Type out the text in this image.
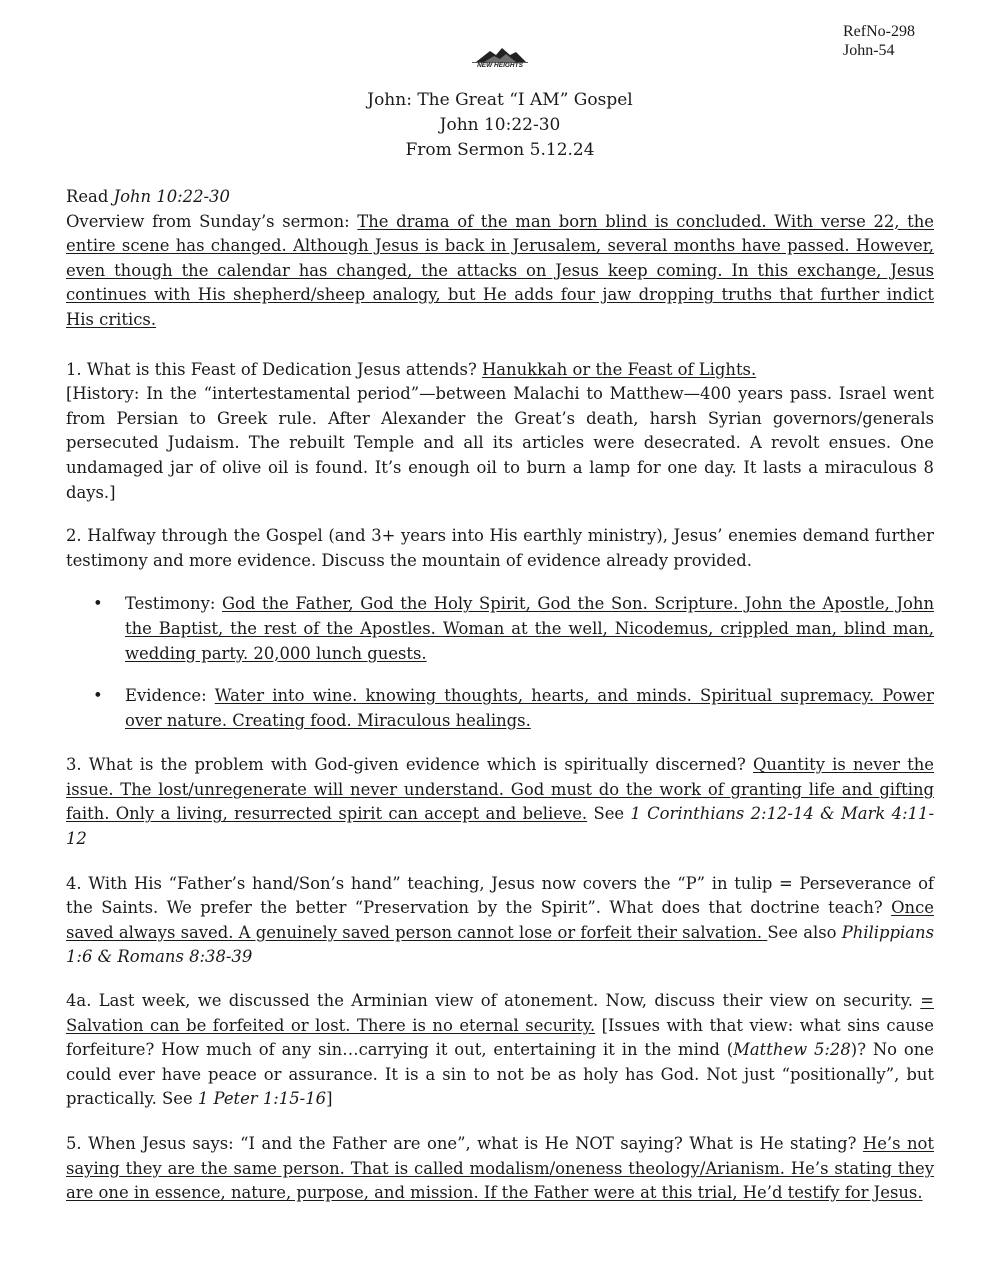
RefNo-298
John-54
NEW HEIGHTS
John: The Great “I AM” Gospel
John 10:22-30
From Sermon 5.12.24

Read John 10:22-30

Overview from Sunday’s sermon: The drama of the man born blind is concluded. With verse 22, the entire scene has changed. Although Jesus is back in Jerusalem, several months have passed. However, even though the calendar has changed, the attacks on Jesus keep coming. In this exchange, Jesus continues with His shepherd/sheep analogy, but He adds four jaw dropping truths that further indict His critics.

1. What is this Feast of Dedication Jesus attends? Hanukkah or the Feast of Lights.

[History: In the “intertestamental period”—between Malachi to Matthew—400 years pass. Israel went from Persian to Greek rule. After Alexander the Great’s death, harsh Syrian governors/generals persecuted Judaism. The rebuilt Temple and all its articles were desecrated. A revolt ensues. One undamaged jar of olive oil is found. It’s enough oil to burn a lamp for one day. It lasts a miraculous 8 days.]

2. Halfway through the Gospel (and 3+ years into His earthly ministry), Jesus’ enemies demand further testimony and more evidence. Discuss the mountain of evidence already provided.

• Testimony: God the Father, God the Holy Spirit, God the Son. Scripture. John the Apostle, John the Baptist, the rest of the Apostles. Woman at the well, Nicodemus, crippled man, blind man, wedding party. 20,000 lunch guests.
• Evidence: Water into wine. knowing thoughts, hearts, and minds. Spiritual supremacy. Power over nature. Creating food. Miraculous healings.

3. What is the problem with God-given evidence which is spiritually discerned? Quantity is never the issue. The lost/unregenerate will never understand. God must do the work of granting life and gifting faith. Only a living, resurrected spirit can accept and believe. See 1 Corinthians 2:12-14 & Mark 4:11-12

4. With His “Father’s hand/Son’s hand” teaching, Jesus now covers the “P” in tulip = Perseverance of the Saints. We prefer the better “Preservation by the Spirit”. What does that doctrine teach? Once saved always saved. A genuinely saved person cannot lose or forfeit their salvation. See also Philippians 1:6 & Romans 8:38-39

4a. Last week, we discussed the Arminian view of atonement. Now, discuss their view on security. = Salvation can be forfeited or lost. There is no eternal security. [Issues with that view: what sins cause forfeiture? How much of any sin…carrying it out, entertaining it in the mind (Matthew 5:28)? No one could ever have peace or assurance. It is a sin to not be as holy has God. Not just “positionally”, but practically. See 1 Peter 1:15-16]

5. When Jesus says: “I and the Father are one”, what is He NOT saying? What is He stating? He’s not saying they are the same person. That is called modalism/oneness theology/Arianism. He’s stating they are one in essence, nature, purpose, and mission. If the Father were at this trial, He’d testify for Jesus.
